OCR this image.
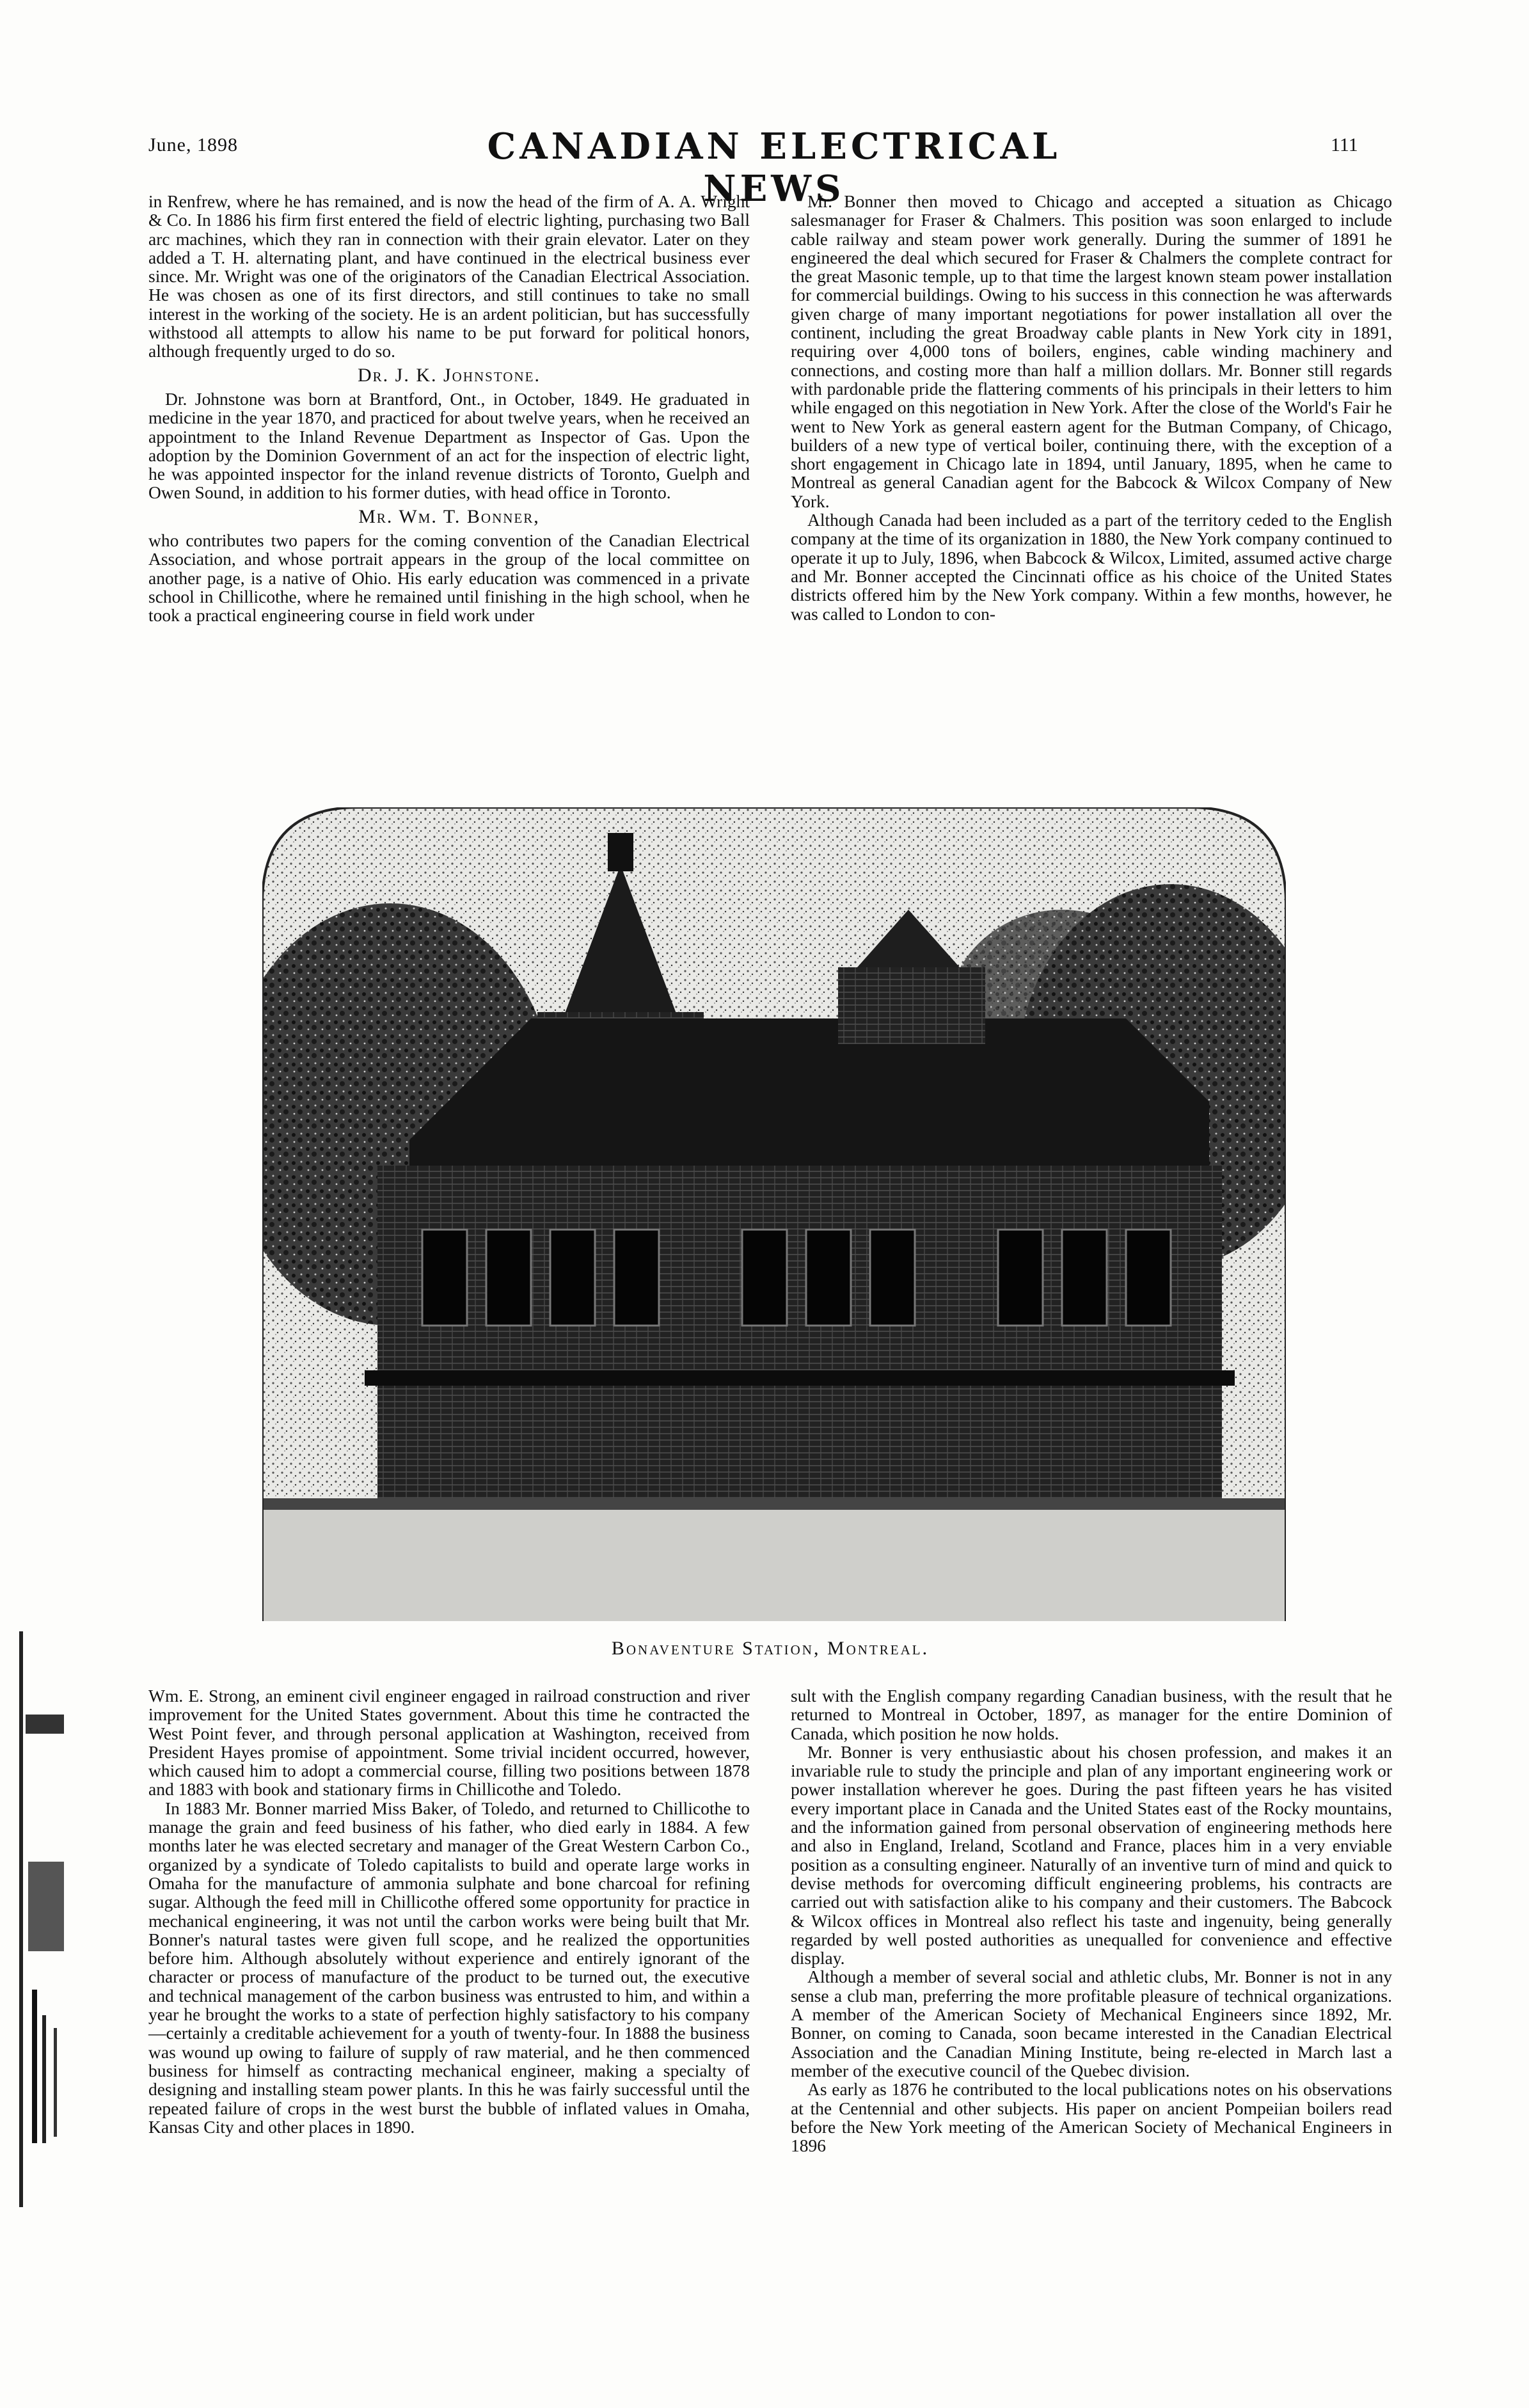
June, 1898	CANADIAN ELECTRICAL NEWS
111

in Renfrew, where he has remained, and is now the head of the firm of A. A. Wright & Co. In 1886 his firm first entered the field of electric lighting, purchasing two Ball arc machines, which they ran in connection with their grain elevator. Later on they added a T. H. alternating plant, and have continued in the electrical business ever since. Mr. Wright was one of the originators of the Canadian Electrical Association. He was chosen as one of its first directors, and still continues to take no small interest in the working of the society. He is an ardent politician, but has successfully withstood all attempts to allow his name to be put forward for political honors, although frequently urged to do so.

Dr. J. K. Johnstone.

Dr. Johnstone was born at Brantford, Ont., in October, 1849. He graduated in medicine in the year 1870, and practiced for about twelve years, when he received an appointment to the Inland Revenue Department as Inspector of Gas. Upon the adoption by the Dominion Government of an act for the inspection of electric light, he was appointed inspector for the inland revenue districts of Toronto, Guelph and Owen Sound, in addition to his former duties, with head office in Toronto.

Mr. Wm. T. Bonner,

who contributes two papers for the coming convention of the Canadian Electrical Association, and whose portrait appears in the group of the local committee on another page, is a native of Ohio. His early education was commenced in a private school in Chillicothe, where he remained until finishing in the high school, when he took a practical engineering course in field work under

Mr. Bonner then moved to Chicago and accepted a situation as Chicago salesmanager for Fraser & Chalmers. This position was soon enlarged to include cable railway and steam power work generally. During the summer of 1891 he engineered the deal which secured for Fraser & Chalmers the complete contract for the great Masonic temple, up to that time the largest known steam power installation for commercial buildings. Owing to his success in this connection he was afterwards given charge of many important negotiations for power installation all over the continent, including the great Broadway cable plants in New York city in 1891, requiring over 4,000 tons of boilers, engines, cable winding machinery and connections, and costing more than half a million dollars. Mr. Bonner still regards with pardonable pride the flattering comments of his principals in their letters to him while engaged on this negotiation in New York. After the close of the World's Fair he went to New York as general eastern agent for the Butman Company, of Chicago, builders of a new type of vertical boiler, continuing there, with the exception of a short engagement in Chicago late in 1894, until January, 1895, when he came to Montreal as general Canadian agent for the Babcock & Wilcox Company of New York.

Although Canada had been included as a part of the territory ceded to the English company at the time of its organization in 1880, the New York company continued to operate it up to July, 1896, when Babcock & Wilcox, Limited, assumed active charge and Mr. Bonner accepted the Cincinnati office as his choice of the United States districts offered him by the New York company. Within a few months, however, he was called to London to con-

Bonaventure Station, Montreal.

Wm. E. Strong, an eminent civil engineer engaged in railroad construction and river improvement for the United States government. About this time he contracted the West Point fever, and through personal application at Washington, received from President Hayes promise of appointment. Some trivial incident occurred, however, which caused him to adopt a commercial course, filling two positions between 1878 and 1883 with book and stationary firms in Chillicothe and Toledo.

In 1883 Mr. Bonner married Miss Baker, of Toledo, and returned to Chillicothe to manage the grain and feed business of his father, who died early in 1884. A few months later he was elected secretary and manager of the Great Western Carbon Co., organized by a syndicate of Toledo capitalists to build and operate large works in Omaha for the manufacture of ammonia sulphate and bone charcoal for refining sugar. Although the feed mill in Chillicothe offered some opportunity for practice in mechanical engineering, it was not until the carbon works were being built that Mr. Bonner's natural tastes were given full scope, and he realized the opportunities before him. Although absolutely without experience and entirely ignorant of the character or process of manufacture of the product to be turned out, the executive and technical management of the carbon business was entrusted to him, and within a year he brought the works to a state of perfection highly satisfactory to his company—certainly a creditable achievement for a youth of twenty-four. In 1888 the business was wound up owing to failure of supply of raw material, and he then commenced business for himself as contracting mechanical engineer, making a specialty of designing and installing steam power plants. In this he was fairly successful until the repeated failure of crops in the west burst the bubble of inflated values in Omaha, Kansas City and other places in 1890.

sult with the English company regarding Canadian business, with the result that he returned to Montreal in October, 1897, as manager for the entire Dominion of Canada, which position he now holds.

Mr. Bonner is very enthusiastic about his chosen profession, and makes it an invariable rule to study the principle and plan of any important engineering work or power installation wherever he goes. During the past fifteen years he has visited every important place in Canada and the United States east of the Rocky mountains, and the information gained from personal observation of engineering methods here and also in England, Ireland, Scotland and France, places him in a very enviable position as a consulting engineer. Naturally of an inventive turn of mind and quick to devise methods for overcoming difficult engineering problems, his contracts are carried out with satisfaction alike to his company and their customers. The Babcock & Wilcox offices in Montreal also reflect his taste and ingenuity, being generally regarded by well posted authorities as unequalled for convenience and effective display.

Although a member of several social and athletic clubs, Mr. Bonner is not in any sense a club man, preferring the more profitable pleasure of technical organizations. A member of the American Society of Mechanical Engineers since 1892, Mr. Bonner, on coming to Canada, soon became interested in the Canadian Electrical Association and the Canadian Mining Institute, being re-elected in March last a member of the executive council of the Quebec division.

As early as 1876 he contributed to the local publications notes on his observations at the Centennial and other subjects. His paper on ancient Pompeiian boilers read before the New York meeting of the American Society of Mechanical Engineers in 1896
